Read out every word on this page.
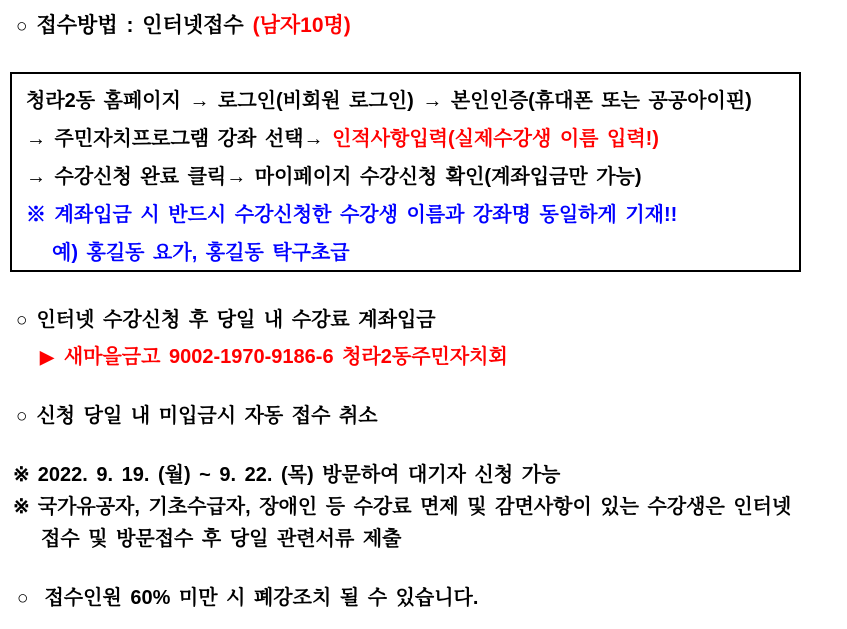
○ 접수방법 : 인터넷접수 (남자10명)
청라2동 홈페이지 → 로그인(비회원 로그인) → 본인인증(휴대폰 또는 공공아이핀)
→ 주민자치프로그램 강좌 선택→ 인적사항입력(실제수강생 이름 입력!)
→ 수강신청 완료 클릭→ 마이페이지 수강신청 확인(계좌입금만 가능)
※ 계좌입금 시 반드시 수강신청한 수강생 이름과 강좌명 동일하게 기재!!
예) 홍길동 요가, 홍길동 탁구초급
○ 인터넷 수강신청 후 당일 내 수강료 계좌입금
▶ 새마을금고 9002-1970-9186-6 청라2동주민자치회
○ 신청 당일 내 미입금시 자동 접수 취소
※ 2022. 9. 19. (월) ~ 9. 22. (목) 방문하여 대기자 신청 가능
※ 국가유공자, 기초수급자, 장애인 등 수강료 면제 및 감면사항이 있는 수강생은 인터넷
접수 및 방문접수 후 당일 관련서류 제출
○ 접수인원 60% 미만 시 폐강조치 될 수 있습니다.
